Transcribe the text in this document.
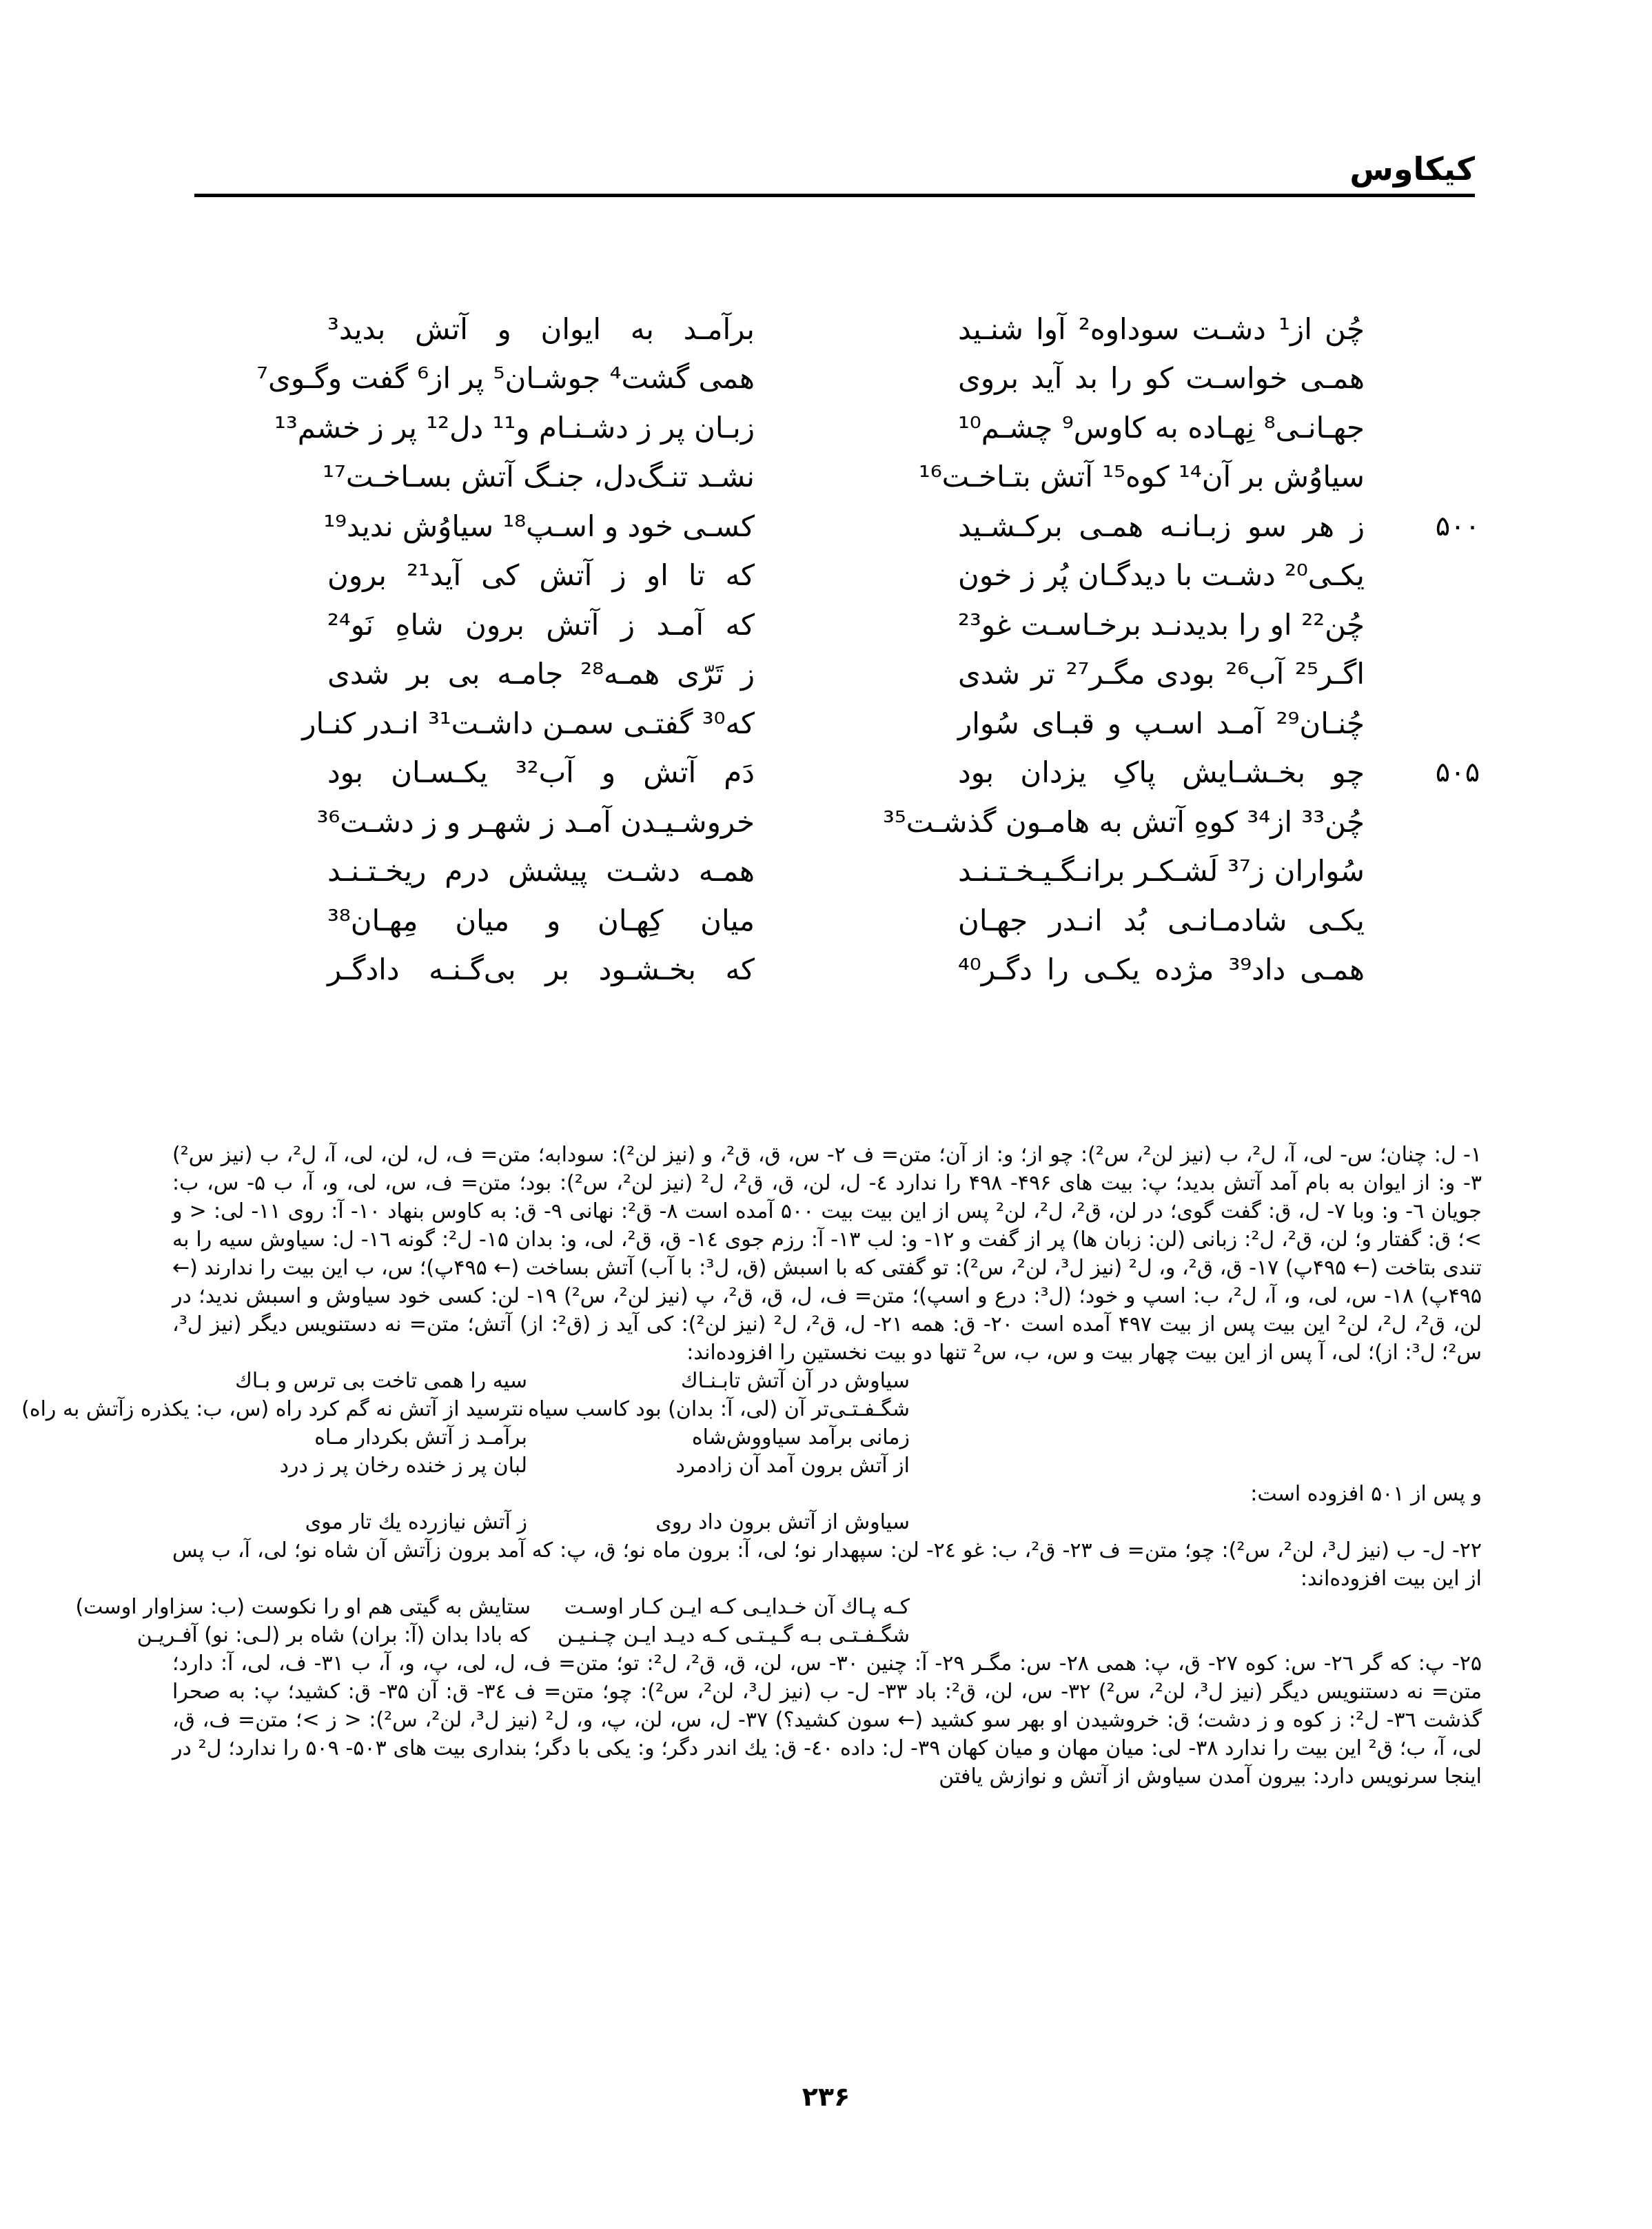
کیکاوس
چُن از¹ دشـت سوداوه² آوا شنـید
برآمـد به ایوان و آتش بدید³
همـی خواسـت کو را بد آید بروی
همی گشت⁴ جوشـان⁵ پر از⁶ گفت وگـوی⁷
جهـانـی⁸ نِهـاده به کاوس⁹ چشـم¹⁰
زبـان پر ز دشـنـام و¹¹ دل¹² پر ز خشم¹³
سیاوُش بر آن¹⁴ کوه¹⁵ آتش بتـاخـت¹⁶
نشـد تنـگ‌دل، جنـگ آتش بسـاخـت¹⁷
۵۰۰
ز هر سو زبـانـه همـی برکـشـید
کسـی خود و اسـپ¹⁸ سیاوُش ندید¹⁹
یکـی²⁰ دشـت با دیدگـان پُر ز خون
که تا او ز آتش کی آید²¹ برون
چُن²² او را بدیدنـد برخـاسـت غو²³
که آمـد ز آتش برون شاهِ نَو²⁴
اگـر²⁵ آب²⁶ بودی مگـر²⁷ تر شدی
ز تَرّی همـه²⁸ جامـه بی بر شدی
چُنـان²⁹ آمـد اسـپ و قبـای سُوار
که³⁰ گفتـی سمـن داشـت³¹ انـدر کنـار
۵۰۵
چو بخـشـایش پاکِ یزدان بود
دَم آتش و آب³² یکـسـان بود
چُن³³ از³⁴ کوهِ آتش به هامـون گذشـت³⁵
خروشـیـدن آمـد ز شهـر و ز دشـت³⁶
سُواران ز³⁷ لَشـکـر برانـگـیـخـتـنـد
همـه دشـت پیشش درم ریخـتـنـد
یکـی شادمـانـی بُد انـدر جهـان
میان کِهـان و میان مِهـان³⁸
همـی داد³⁹ مژده یکـی را دگـر⁴⁰
که بخـشـود بر بی‌گـنـه دادگـر

۱- ل: چنان؛ س- لی، آ، ل²، ب (نیز لن²، س²): چو از؛ و: از آن؛ متن= ف ۲- س، ق، ق²، و (نیز لن²): سودابه؛ متن= ف، ل، لن، لی، آ، ل²، ب (نیز س²) ۳- و: از ایوان به بام آمد آتش بدید؛ پ: بیت های ۴۹۶- ۴۹۸ را ندارد ٤- ل، لن، ق، ق²، ل² (نیز لن²، س²): بود؛ متن= ف، س، لی، و، آ، ب ۵- س، ب: جویان ٦- و: وبا ۷- ل، ق: گفت گوی؛ در لن، ق²، ل²، لن² پس از این بیت بیت ۵۰۰ آمده است ۸- ق²: نهانی ۹- ق: به کاوس بنهاد ۱۰- آ: روی ۱۱- لی: < و >؛ ق: گفتار و؛ لن، ق²، ل²: زبانی (لن: زبان ها) پر از گفت و ۱۲- و: لب ۱۳- آ: رزم جوی ١٤- ق، ق²، لی، و: بدان ۱۵- ل²: گونه ١٦- ل: سیاوش سیه را به تندی بتاخت (← ۴۹۵پ) ۱۷- ق، ق²، و، ل² (نیز ل³، لن²، س²): تو گفتی که با اسبش (ق، ل³: با آب) آتش بساخت (← ۴۹۵پ)؛ س، ب این بیت را ندارند (← ۴۹۵پ) ۱۸- س، لی، و، آ، ل²، ب: اسپ و خود؛ (ل³: درع و اسپ)؛ متن= ف، ل، ق، ق²، پ (نیز لن²، س²) ۱۹- لن: کسی خود سیاوش و اسبش ندید؛ در لن، ق²، ل²، لن² این بیت پس از بیت ۴۹۷ آمده است ۲۰- ق: همه ۲۱- ل، ق²، ل² (نیز لن²): کی آید ز (ق²: از) آتش؛ متن= نه دستنویس دیگر (نیز ل³، س²؛ ل³: از)؛ لی، آ پس از این بیت چهار بیت و س، ب، س² تنها دو بیت نخستین را افزوده‌اند:

سیاوش در آن آتش تابـنـاك
سیه را همی تاخت بی ترس و بـاك
شگـفـتـی‌تر آن (لی، آ: بدان) بود کاسب سیاه
نترسید از آتش نه گم کرد راه (س، ب: یکذره زآتش به راه)
زمانی برآمد سیاووش‌شاه
برآمـد ز آتش بکردار مـاه
از آتش برون آمد آن زادمرد
لبان پر ز خنده رخان پر ز درد

و پس از ۵۰۱ افزوده است:

سیاوش از آتش برون داد روی
ز آتش نیازرده یك تار موی

۲۲- ل- ب (نیز ل³، لن²، س²): چو؛ متن= ف ۲۳- ق²، ب: غو ٢٤- لن: سپهدار نو؛ لی، آ: برون ماه نو؛ ق، پ: که آمد برون زآتش آن شاه نو؛ لی، آ، ب پس از این بیت افزوده‌اند:

کـه پـاك آن خـدایـی کـه ایـن کـار اوسـت
ستایش به گیتی هم او را نکوست (ب: سزاوار اوست)
شگـفـتـی بـه گـیـتـی کـه دیـد ایـن چـنـیـن
که بادا بدان (آ: بران) شاه بر (لـی: نو) آفـریـن

۲۵- پ: که گر ۲٦- س: کوه ۲۷- ق، پ: همی ۲۸- س: مگـر ۲۹- آ: چنین ۳۰- س، لن، ق، ق²، ل²: تو؛ متن= ف، ل، لی، پ، و، آ، ب ۳۱- ف، لی، آ: دارد؛ متن= نه دستنویس دیگر (نیز ل³، لن²، س²) ۳۲- س، لن، ق²: باد ۳۳- ل- ب (نیز ل³، لن²، س²): چو؛ متن= ف ٣٤- ق: آن ۳۵- ق: کشید؛ پ: به صحرا گذشت ۳٦- ل²: ز کوه و ز دشت؛ ق: خروشیدن او بهر سو کشید (← سون کشید؟) ۳۷- ل، س، لن، پ، و، ل² (نیز ل³، لن²، س²): < ز >؛ متن= ف، ق، لی، آ، ب؛ ق² این بیت را ندارد ۳۸- لی: میان مهان و میان کهان ۳۹- ل: داده ٤٠- ق: یك اندر دگر؛ و: یکی با دگر؛ بنداری بیت های ۵۰۳- ۵۰۹ را ندارد؛ ل² در اینجا سرنویس دارد: بیرون آمدن سیاوش از آتش و نوازش یافتن

۲۳۶
